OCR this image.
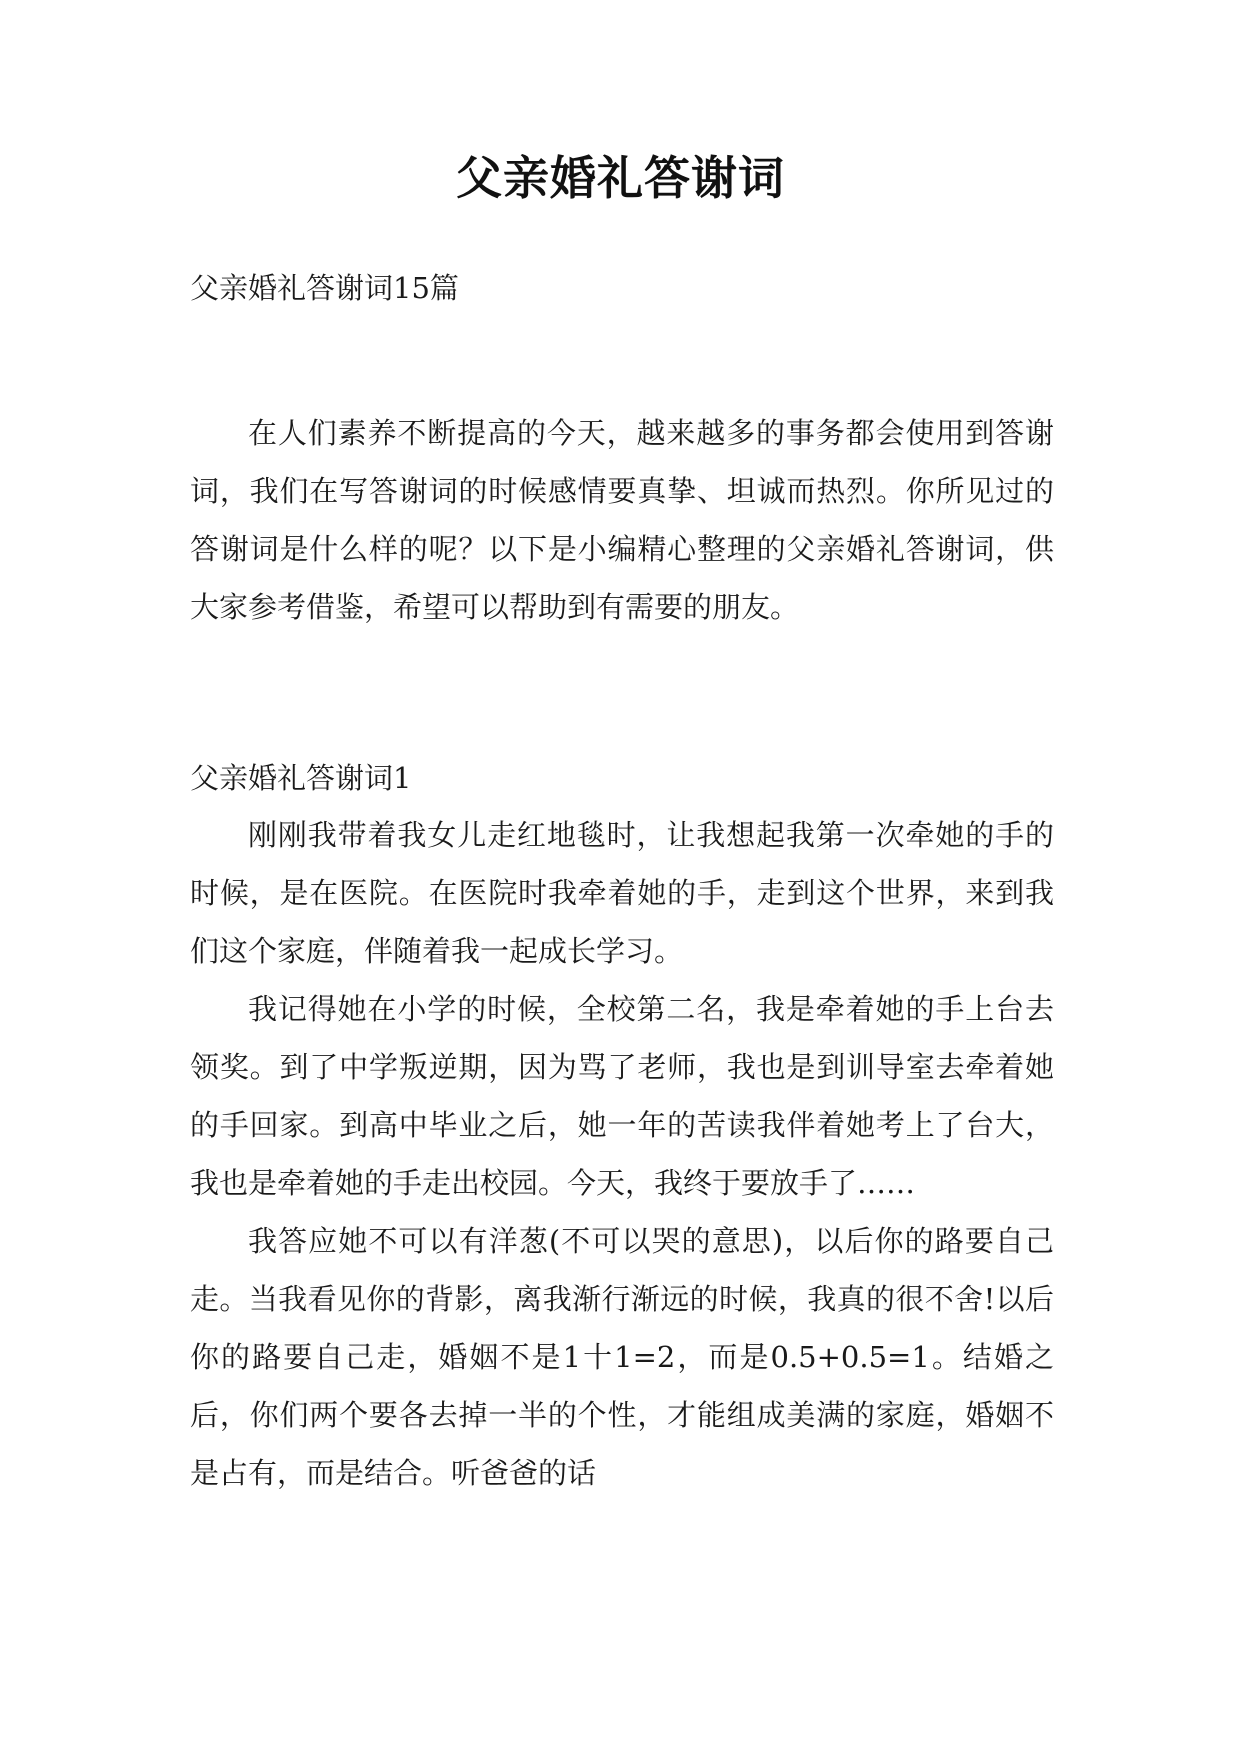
父亲婚礼答谢词
父亲婚礼答谢词15篇

在人们素养不断提高的今天，越来越多的事务都会使用到答谢词，我们在写答谢词的时候感情要真挚、坦诚而热烈。你所见过的答谢词是什么样的呢？以下是小编精心整理的父亲婚礼答谢词，供大家参考借鉴，希望可以帮助到有需要的朋友。

父亲婚礼答谢词1

刚刚我带着我女儿走红地毯时，让我想起我第一次牵她的手的时候，是在医院。在医院时我牵着她的手，走到这个世界，来到我们这个家庭，伴随着我一起成长学习。

我记得她在小学的时候，全校第二名，我是牵着她的手上台去领奖。到了中学叛逆期，因为骂了老师，我也是到训导室去牵着她的手回家。到高中毕业之后，她一年的苦读我伴着她考上了台大，我也是牵着她的手走出校园。今天，我终于要放手了……

我答应她不可以有洋葱(不可以哭的意思)，以后你的路要自己走。当我看见你的背影，离我渐行渐远的时候，我真的很不舍!以后你的路要自己走，婚姻不是1十1=2，而是0.5+0.5=1。结婚之后，你们两个要各去掉一半的个性，才能组成美满的家庭，婚姻不是占有，而是结合。听爸爸的话
